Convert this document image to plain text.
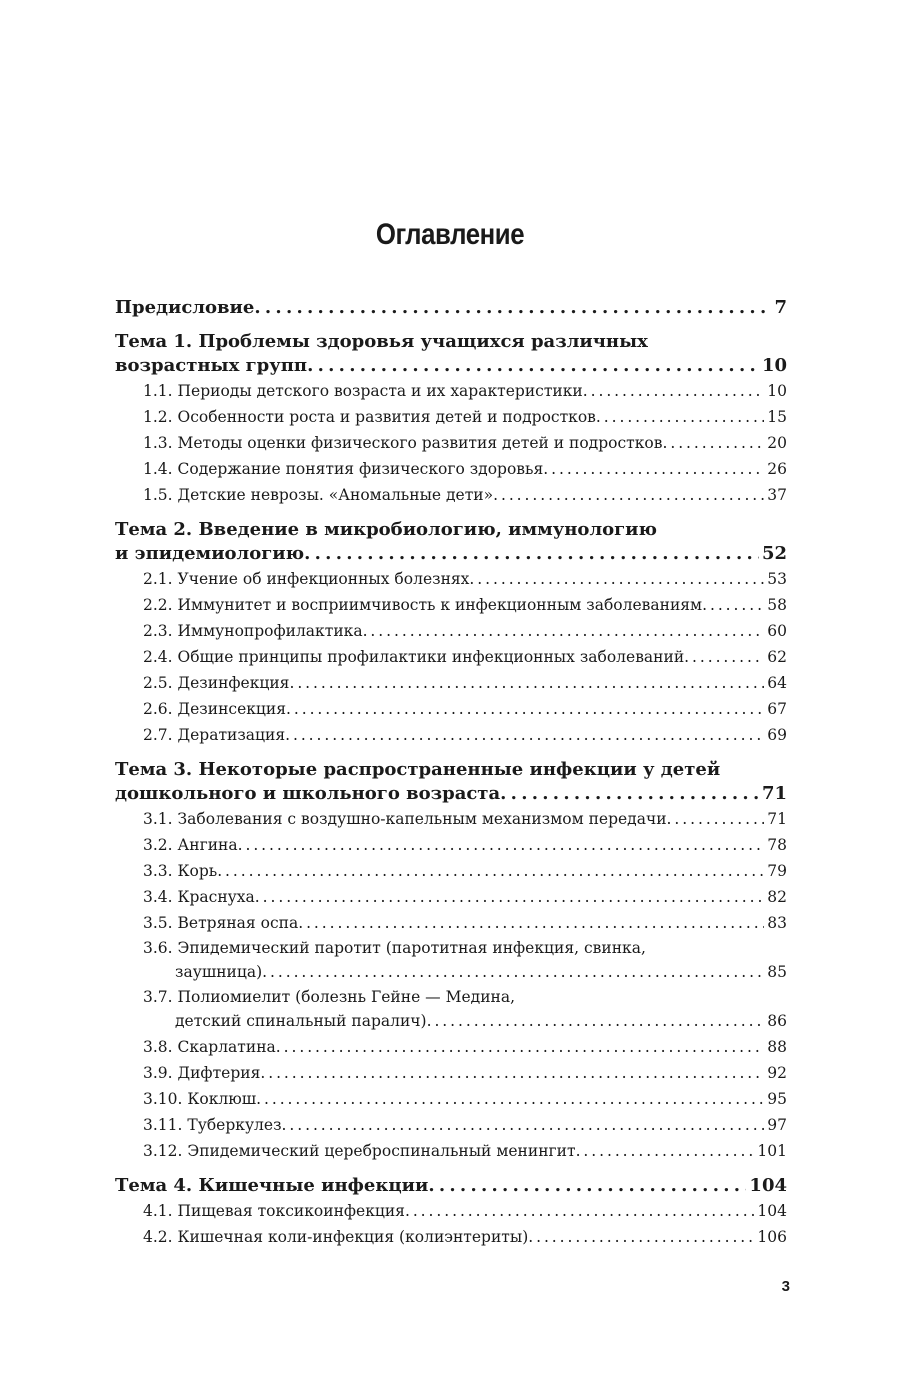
Оглавление
Предисловие . . .	7
Тема 1. Проблемы здоровья учащихся различных
возрастных групп . . .	10
1.1. Периоды детского возраста и их характеристики . . .	10
1.2. Особенности роста и развития детей и подростков . . .	15
1.3. Методы оценки физического развития детей и подростков . . .	20
1.4. Содержание понятия физического здоровья . . .	26
1.5. Детские неврозы. «Аномальные дети» . . .	37
Тема 2. Введение в микробиологию, иммунологию
и эпидемиологию . . .	52
2.1. Учение об инфекционных болезнях . . .	53
2.2. Иммунитет и восприимчивость к инфекционным заболеваниям . . .	58
2.3. Иммунопрофилактика . . .	60
2.4. Общие принципы профилактики инфекционных заболеваний . . .	62
2.5. Дезинфекция . . .	64
2.6. Дезинсекция . . .	67
2.7. Дератизация . . .	69
Тема 3. Некоторые распространенные инфекции у детей
дошкольного и школьного возраста . . .	71
3.1. Заболевания с воздушно-капельным механизмом передачи . . .	71
3.2. Ангина . . .	78
3.3. Корь . . .	79
3.4. Краснуха . . .	82
3.5. Ветряная оспа . . .	83
3.6. Эпидемический паротит (паротитная инфекция, свинка,
заушница) . . .	85
3.7. Полиомиелит (болезнь Гейне — Медина,
детский спинальный паралич) . . .	86
3.8. Скарлатина . . .	88
3.9. Дифтерия . . .	92
3.10. Коклюш . . .	95
3.11. Туберкулез . . .	97
3.12. Эпидемический цереброспинальный менингит . . .	101
Тема 4. Кишечные инфекции . . .	104
4.1. Пищевая токсикоинфекция . . .	104
4.2. Кишечная коли-инфекция (колиэнтериты) . . .	106
3
